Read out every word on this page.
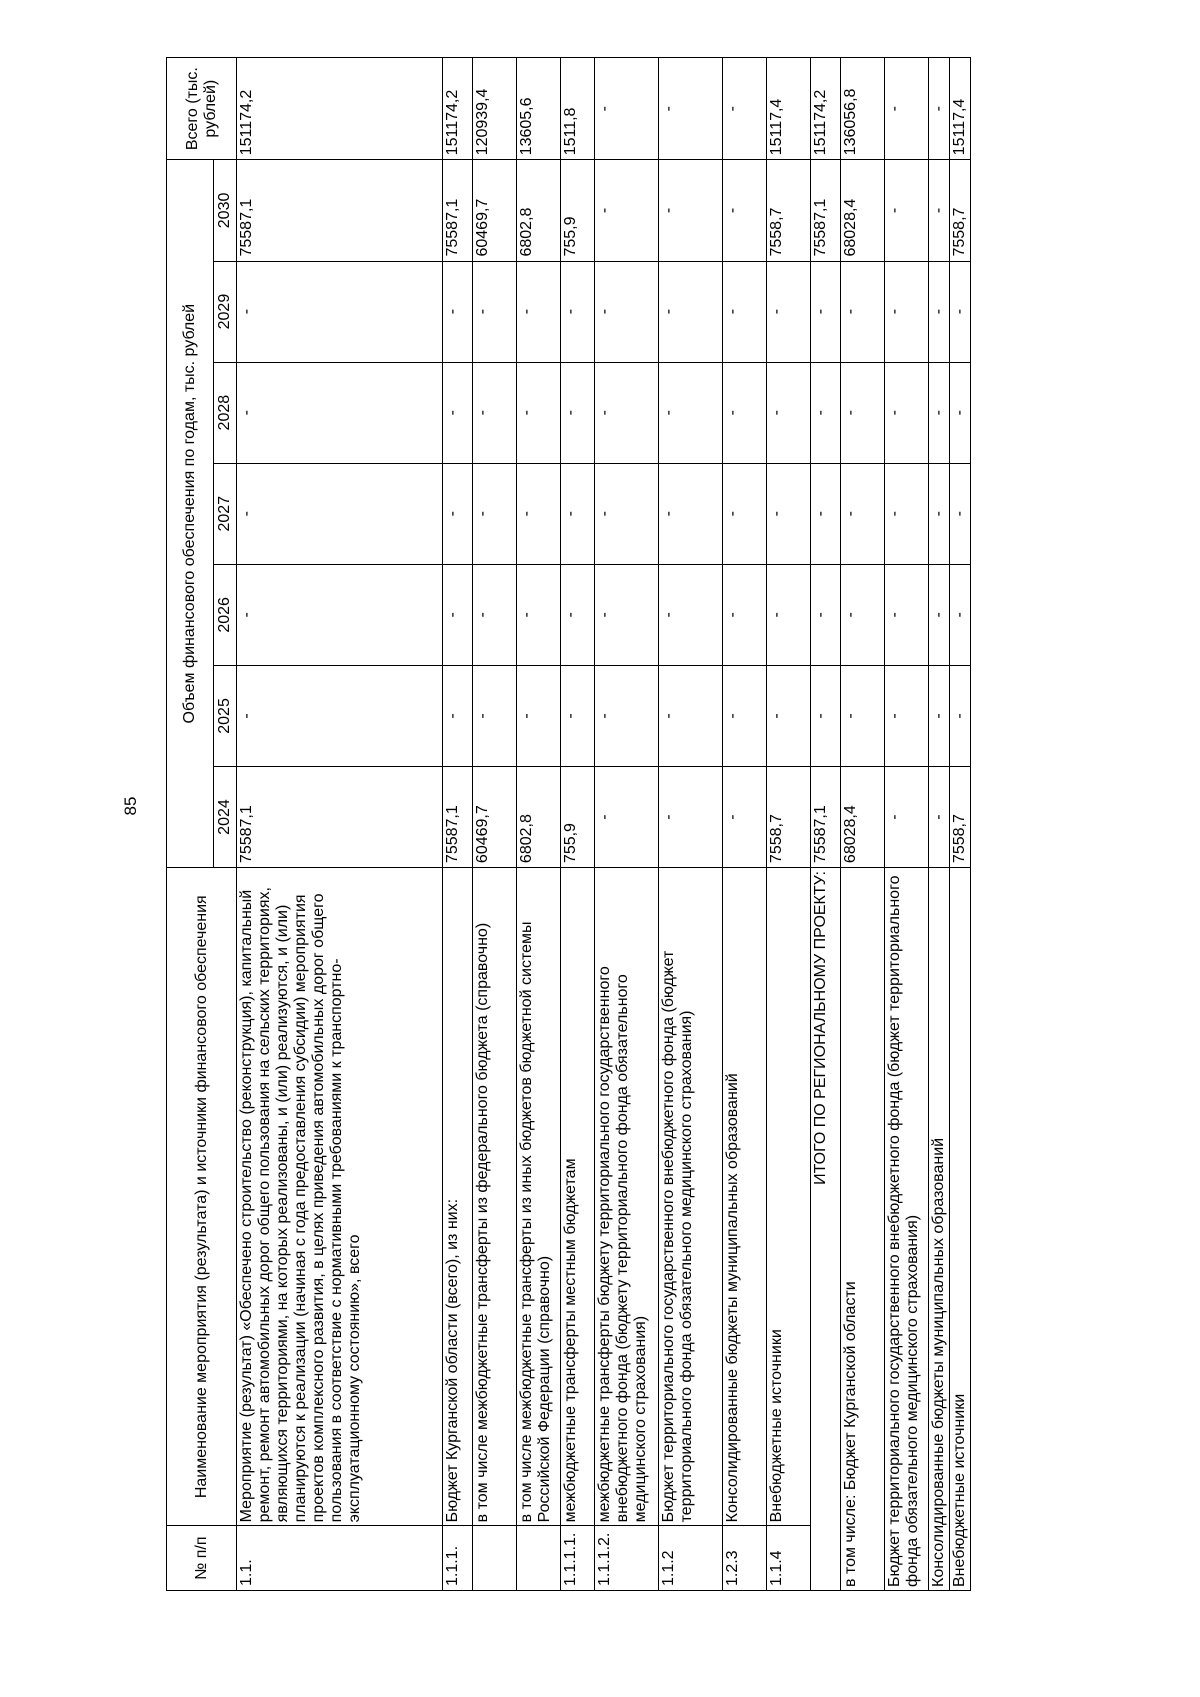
85
№ п/п	Наименование мероприятия (результата) и источники финансового обеспечения	Объем финансового обеспечения по годам, тыс. рублей							Всего (тыс. рублей)
		2024	2025	2026	2027	2028	2029	2030	
1.1.	Мероприятие (результат) «Обеспечено строительство (реконструкция), капитальный ремонт, ремонт автомобильных дорог общего пользования на сельских территориях, являющихся территориями, на которых реализованы, и (или) реализуются, и (или) планируются к реализации (начиная с года предоставления субсидии) мероприятия проектов комплексного развития, в целях приведения автомобильных дорог общего пользования в соответствие с нормативными требованиями к транспортно-эксплуатационному состоянию», всего	75587,1	-	-	-	-	-	75587,1	151174,2
1.1.1.	Бюджет Курганской области (всего), из них:	75587,1	-	-	-	-	-	75587,1	151174,2
	в том числе межбюджетные трансферты из федерального бюджета (справочно)	60469,7	-	-	-	-	-	60469,7	120939,4
	в том числе межбюджетные трансферты из иных бюджетов бюджетной системы Российской Федерации (справочно)	6802,8	-	-	-	-	-	6802,8	13605,6
1.1.1.1.	межбюджетные трансферты местным бюджетам	755,9	-	-	-	-	-	755,9	1511,8
1.1.1.2.	межбюджетные трансферты бюджету территориального государственного внебюджетного фонда (бюджету территориального фонда обязательного медицинского страхования)	-	-	-	-	-	-	-	-
1.1.2	Бюджет территориального государственного внебюджетного фонда (бюджет территориального фонда обязательного медицинского страхования)	-	-	-	-	-	-	-	-
1.2.3	Консолидированные бюджеты муниципальных образований	-	-	-	-	-	-	-	-
1.1.4	Внебюджетные источники	7558,7	-	-	-	-	-	7558,7	15117,4
ИТОГО ПО РЕГИОНАЛЬНОМУ ПРОЕКТУ:		75587,1	-	-	-	-	-	75587,1	151174,2
в том числе: Бюджет Курганской области		68028,4	-	-	-	-	-	68028,4	136056,8
Бюджет территориального государственного внебюджетного фонда (бюджет территориального фонда обязательного медицинского страхования)		-	-	-	-	-	-	-	-
Консолидированные бюджеты муниципальных образований		-	-	-	-	-	-	-	-
Внебюджетные источники		7558,7	-	-	-	-	-	7558,7	15117,4
